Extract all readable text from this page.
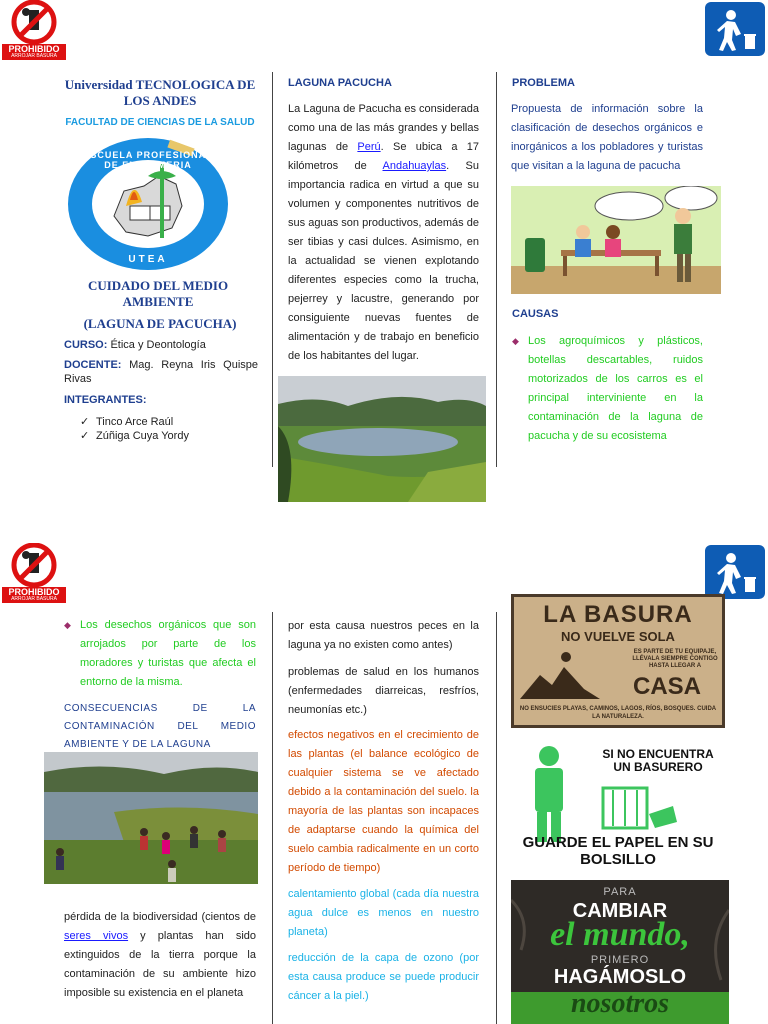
PROHIBIDO
ARROJAR BASURA
Universidad TECNOLOGICA DE LOS ANDES
FACULTAD DE CIENCIAS DE LA SALUD
ESCUELA PROFESIONAL DE ENFERMERIA
UTEA
CUIDADO DEL MEDIO AMBIENTE
(LAGUNA DE PACUCHA)
CURSO: Ética y Deontología
DOCENTE: Mag. Reyna Iris Quispe Rivas
INTEGRANTES:
✓ Tinco Arce Raúl
✓ Zúñiga Cuya Yordy
LAGUNA PACUCHA
La Laguna de Pacucha es considerada como una de las más grandes y bellas lagunas de Perú. Se ubica a 17 kilómetros de Andahuaylas. Su importancia radica en virtud a que su volumen y componentes nutritivos de sus aguas son productivos, además de ser tibias y casi dulces. Asimismo, en la actualidad se vienen explotando diferentes especies como la trucha, pejerrey y lacustre, generando por consiguiente nuevas fuentes de alimentación y de trabajo en beneficio de los habitantes del lugar.
PROBLEMA
Propuesta de información sobre la clasificación de desechos orgánicos e inorgánicos a los pobladores y turistas que visitan a la laguna de pacucha
CAUSAS
◆ Los agroquímicos y plásticos, botellas descartables, ruidos motorizados de los carros es el principal interviniente en la contaminación de la laguna de pacucha y de su ecosistema
PROHIBIDO
ARROJAR BASURA
◆ Los desechos orgánicos que son arrojados por parte de los moradores y turistas que afecta el entorno de la misma.
CONSECUENCIAS DE LA CONTAMINACIÓN DEL MEDIO AMBIENTE Y DE LA LAGUNA
pérdida de la biodiversidad (cientos de seres vivos y plantas han sido extinguidos de la tierra porque la contaminación de su ambiente hizo imposible su existencia en el planeta
por esta causa nuestros peces en la laguna ya no existen como antes)
problemas de salud en los humanos (enfermedades diarreicas, resfríos, neumonías etc.)
efectos negativos en el crecimiento de las plantas (el balance ecológico de cualquier sistema se ve afectado debido a la contaminación del suelo. la mayoría de las plantas son incapaces de adaptarse cuando la química del suelo cambia radicalmente en un corto período de tiempo)
calentamiento global (cada día nuestra agua dulce es menos en nuestro planeta)
reducción de la capa de ozono (por esta causa produce se puede producir cáncer a la piel.)
LA BASURA
NO VUELVE SOLA
ES PARTE DE TU EQUIPAJE, LLÉVALA SIEMPRE CONTIGO HASTA LLEGAR A
CASA
NO ENSUCIES PLAYAS, CAMINOS, LAGOS, RÍOS, BOSQUES. CUIDA LA NATURALEZA.
SI NO ENCUENTRA UN BASURERO
GUARDE EL PAPEL EN SU BOLSILLO
PARA
CAMBIAR
el mundo,
PRIMERO
HAGÁMOSLO
nosotros
